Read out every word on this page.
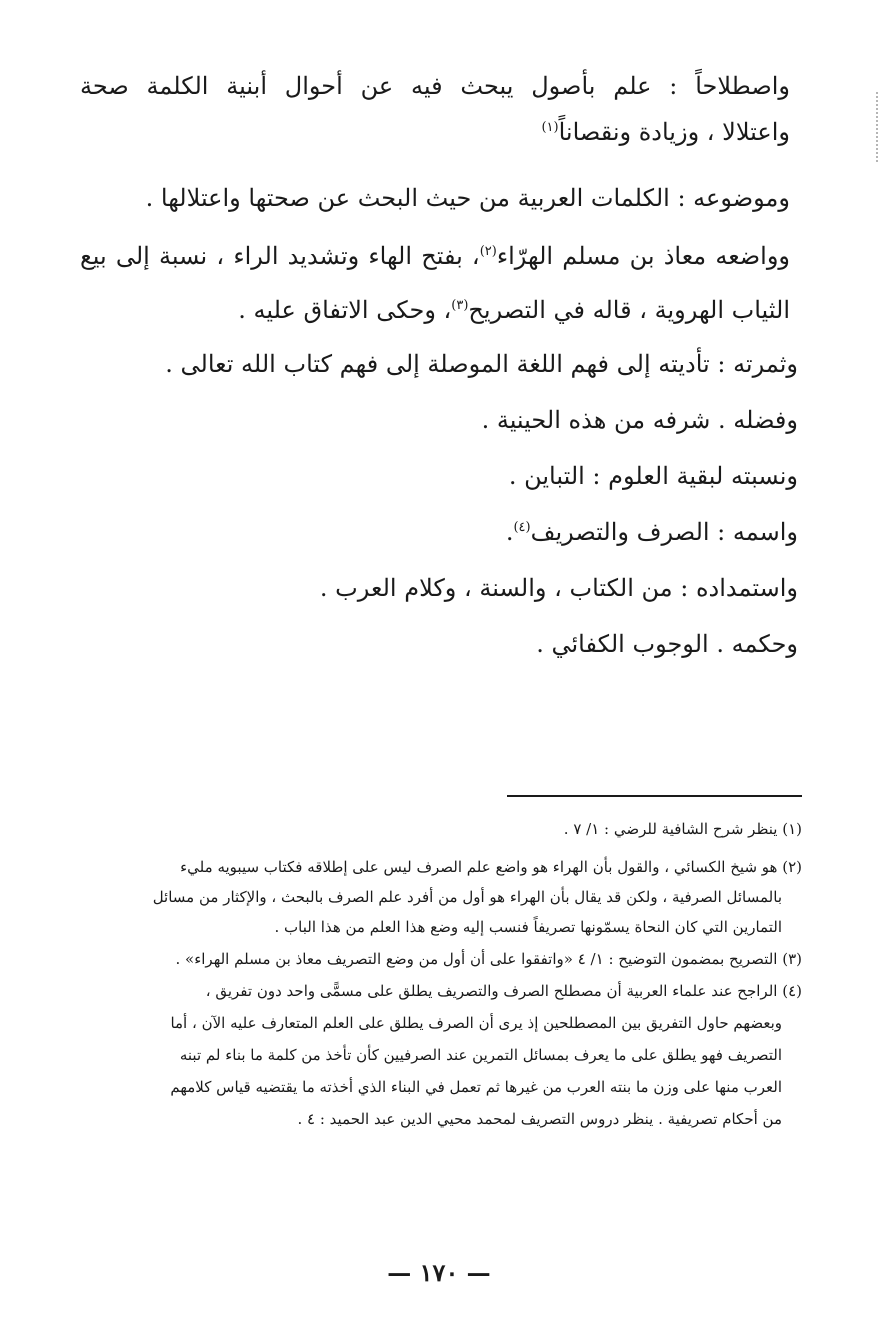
واصطلاحاً : علم بأصول يبحث فيه عن أحوال أبنية الكلمة صحة
واعتلالا ، وزيادة ونقصاناً$^{(١)}$
وموضوعه : الكلمات العربية من حيث البحث عن صحتها واعتلالها .
وواضعه معاذ بن مسلم الهرّاء$^{(٢)}$، بفتح الهاء وتشديد الراء ، نسبة إلى بيع
الثياب الهروية ، قاله في التصريح$^{(٣)}$، وحكى الاتفاق عليه .
وثمرته : تأديته إلى فهم اللغة الموصلة إلى فهم كتاب الله تعالى .
وفضله . شرفه من هذه الحينية .
ونسبته لبقية العلوم : التباين .
واسمه : الصرف والتصريف$^{(٤)}$.
واستمداده : من الكتاب ، والسنة ، وكلام العرب .
وحكمه . الوجوب الكفائي .
(١) ينظر شرح الشافية للرضي : ١/ ٧ .
(٢) هو شيخ الكسائي ، والقول بأن الهراء هو واضع علم الصرف ليس على إطلاقه فكتاب سيبويه مليء
بالمسائل الصرفية ، ولكن قد يقال بأن الهراء هو أول من أفرد علم الصرف بالبحث ، والإكثار من مسائل
التمارين التي كان النحاة يسمّونها تصريفاً فنسب إليه وضع هذا العلم من هذا الباب .
(٣) التصريح بمضمون التوضيح : ١/ ٤ «واتفقوا على أن أول من وضع التصريف معاذ بن مسلم الهراء» .
(٤) الراجح عند علماء العربية أن مصطلح الصرف والتصريف يطلق على مسمًّى واحد دون تفريق ،
وبعضهم حاول التفريق بين المصطلحين إذ يرى أن الصرف يطلق على العلم المتعارف عليه الآن ، أما
التصريف فهو يطلق على ما يعرف بمسائل التمرين عند الصرفيين كأن تأخذ من كلمة ما بناء لم تبنه
العرب منها على وزن ما بنته العرب من غيرها ثم تعمل في البناء الذي أخذته ما يقتضيه قياس كلامهم
من أحكام تصريفية . ينظر دروس التصريف لمحمد محيي الدين عبد الحميد : ٤ .
— ١٧٠ —
